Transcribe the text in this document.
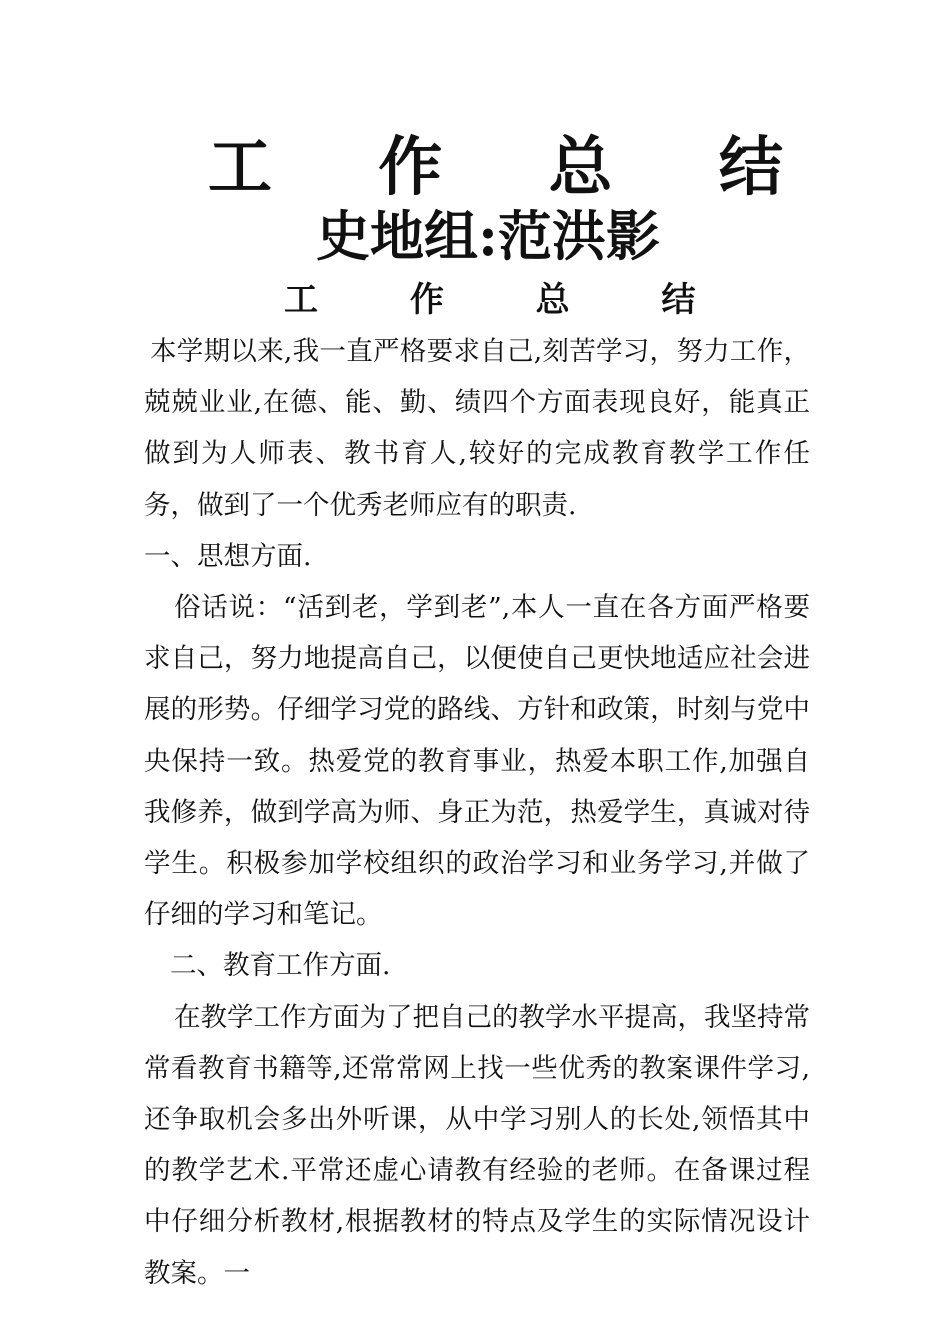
工 作 总 结
史地组:范洪影
工 作 总 结

本学期以来,我一直严格要求自己,刻苦学习，努力工作，兢兢业业,在德、能、勤、绩四个方面表现良好，能真正做到为人师表、教书育人,较好的完成教育教学工作任务，做到了一个优秀老师应有的职责.

一、思想方面.

俗话说：“活到老，学到老”,本人一直在各方面严格要求自己，努力地提高自己，以便使自己更快地适应社会进展的形势。仔细学习党的路线、方针和政策，时刻与党中央保持一致。热爱党的教育事业，热爱本职工作,加强自我修养，做到学高为师、身正为范，热爱学生，真诚对待学生。积极参加学校组织的政治学习和业务学习,并做了仔细的学习和笔记。

二、教育工作方面.

在教学工作方面为了把自己的教学水平提高，我坚持常常看教育书籍等,还常常网上找一些优秀的教案课件学习,还争取机会多出外听课，从中学习别人的长处,领悟其中的教学艺术.平常还虚心请教有经验的老师。在备课过程中仔细分析教材,根据教材的特点及学生的实际情况设计教案。一
